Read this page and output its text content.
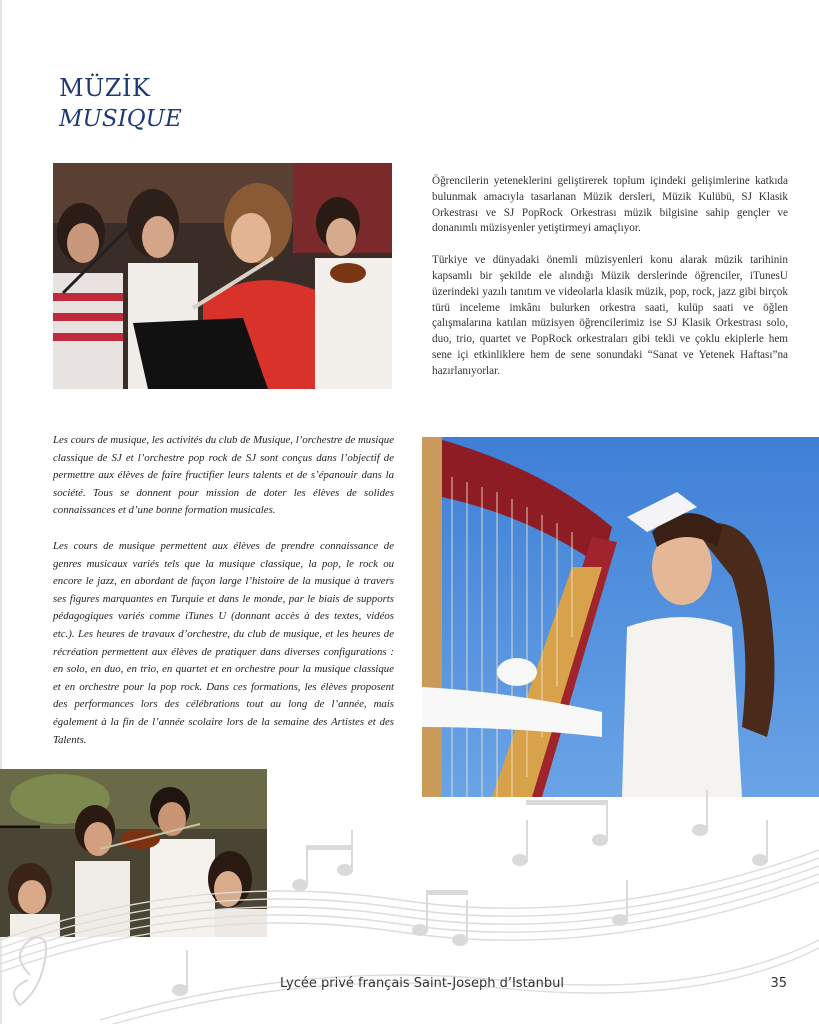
MÜZİK
MUSIQUE

Öğrencilerin yeteneklerini geliştirerek toplum içindeki gelişimlerine katkıda bulunmak amacıyla tasarlanan Müzik dersleri, Müzik Kulübü, SJ Klasik Orkestrası ve SJ PopRock Orkestrası müzik bilgisine sahip gençler ve donanımlı müzisyenler yetiştirmeyi amaçlıyor.

Türkiye ve dünyadaki önemli müzisyenleri konu alarak müzik tarihinin kapsamlı bir şekilde ele alındığı Müzik derslerinde öğrenciler, iTunesU üzerindeki yazılı tanıtım ve videolarla klasik müzik, pop, rock, jazz gibi birçok türü inceleme imkânı bulurken orkestra saati, kulüp saati ve öğlen çalışmalarına katılan müzisyen öğrencilerimiz ise SJ Klasik Orkestrası solo, duo, trio, quartet ve PopRock orkestraları gibi tekli ve çoklu ekiplerle hem sene içi etkinliklere hem de sene sonundaki “Sanat ve Yetenek Haftası”na hazırlanıyorlar.

Les cours de musique, les activités du club de Musique, l’orchestre de musique classique de SJ et l’orchestre pop rock de SJ sont conçus dans l’objectif de permettre aux élèves de faire fructifier leurs talents et de s’épanouir dans la société. Tous se donnent pour mission de doter les élèves de solides connaissances et d’une bonne formation musicales.

Les cours de musique permettent aux élèves de prendre connaissance de genres musicaux variés tels que la musique classique, la pop, le rock ou encore le jazz, en abordant de façon large l’histoire de la musique à travers ses figures marquantes en Turquie et dans le monde, par le biais de supports pédagogiques variés comme iTunes U (donnant accès à des textes, vidéos etc.). Les heures de travaux d’orchestre, du club de musique, et les heures de récréation permettent aux élèves de pratiquer dans diverses configurations : en solo, en duo, en trio, en quartet et en orchestre pour la musique classique et en orchestre pour la pop rock. Dans ces formations, les élèves proposent des performances lors des célébrations tout au long de l’année, mais également à la fin de l’année scolaire lors de la semaine des Artistes et des Talents.

Lycée privé français Saint-Joseph d’Istanbul	35
